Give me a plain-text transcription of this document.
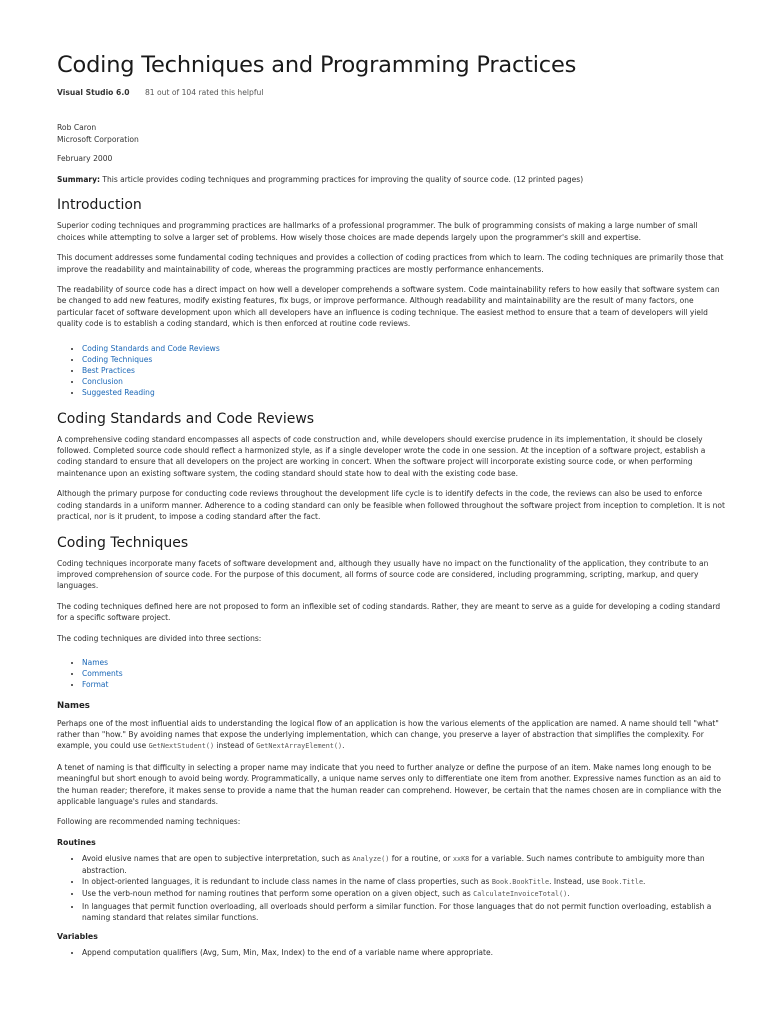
Coding Techniques and Programming Practices
Visual Studio 6.0 81 out of 104 rated this helpful
Rob Caron
Microsoft Corporation
February 2000

Summary: This article provides coding techniques and programming practices for improving the quality of source code. (12 printed pages)

Introduction

Superior coding techniques and programming practices are hallmarks of a professional programmer. The bulk of programming consists of making a large number of small choices while attempting to solve a larger set of problems. How wisely those choices are made depends largely upon the programmer's skill and expertise.

This document addresses some fundamental coding techniques and provides a collection of coding practices from which to learn. The coding techniques are primarily those that improve the readability and maintainability of code, whereas the programming practices are mostly performance enhancements.

The readability of source code has a direct impact on how well a developer comprehends a software system. Code maintainability refers to how easily that software system can be changed to add new features, modify existing features, fix bugs, or improve performance. Although readability and maintainability are the result of many factors, one particular facet of software development upon which all developers have an influence is coding technique. The easiest method to ensure that a team of developers will yield quality code is to establish a coding standard, which is then enforced at routine code reviews.

• Coding Standards and Code Reviews
• Coding Techniques
• Best Practices
• Conclusion
• Suggested Reading
Coding Standards and Code Reviews

A comprehensive coding standard encompasses all aspects of code construction and, while developers should exercise prudence in its implementation, it should be closely followed. Completed source code should reflect a harmonized style, as if a single developer wrote the code in one session. At the inception of a software project, establish a coding standard to ensure that all developers on the project are working in concert. When the software project will incorporate existing source code, or when performing maintenance upon an existing software system, the coding standard should state how to deal with the existing code base.

Although the primary purpose for conducting code reviews throughout the development life cycle is to identify defects in the code, the reviews can also be used to enforce coding standards in a uniform manner. Adherence to a coding standard can only be feasible when followed throughout the software project from inception to completion. It is not practical, nor is it prudent, to impose a coding standard after the fact.

Coding Techniques

Coding techniques incorporate many facets of software development and, although they usually have no impact on the functionality of the application, they contribute to an improved comprehension of source code. For the purpose of this document, all forms of source code are considered, including programming, scripting, markup, and query languages.

The coding techniques defined here are not proposed to form an inflexible set of coding standards. Rather, they are meant to serve as a guide for developing a coding standard for a specific software project.

The coding techniques are divided into three sections:

• Names
• Comments
• Format
Names

Perhaps one of the most influential aids to understanding the logical flow of an application is how the various elements of the application are named. A name should tell "what" rather than "how." By avoiding names that expose the underlying implementation, which can change, you preserve a layer of abstraction that simplifies the complexity. For example, you could use GetNextStudent() instead of GetNextArrayElement().

A tenet of naming is that difficulty in selecting a proper name may indicate that you need to further analyze or define the purpose of an item. Make names long enough to be meaningful but short enough to avoid being wordy. Programmatically, a unique name serves only to differentiate one item from another. Expressive names function as an aid to the human reader; therefore, it makes sense to provide a name that the human reader can comprehend. However, be certain that the names chosen are in compliance with the applicable language's rules and standards.

Following are recommended naming techniques:

Routines
• Avoid elusive names that are open to subjective interpretation, such as Analyze() for a routine, or xxK8 for a variable. Such names contribute to ambiguity more than abstraction.
• In object-oriented languages, it is redundant to include class names in the name of class properties, such as Book.BookTitle. Instead, use Book.Title.
• Use the verb-noun method for naming routines that perform some operation on a given object, such as CalculateInvoiceTotal().
• In languages that permit function overloading, all overloads should perform a similar function. For those languages that do not permit function overloading, establish a naming standard that relates similar functions.
Variables
• Append computation qualifiers (Avg, Sum, Min, Max, Index) to the end of a variable name where appropriate.
